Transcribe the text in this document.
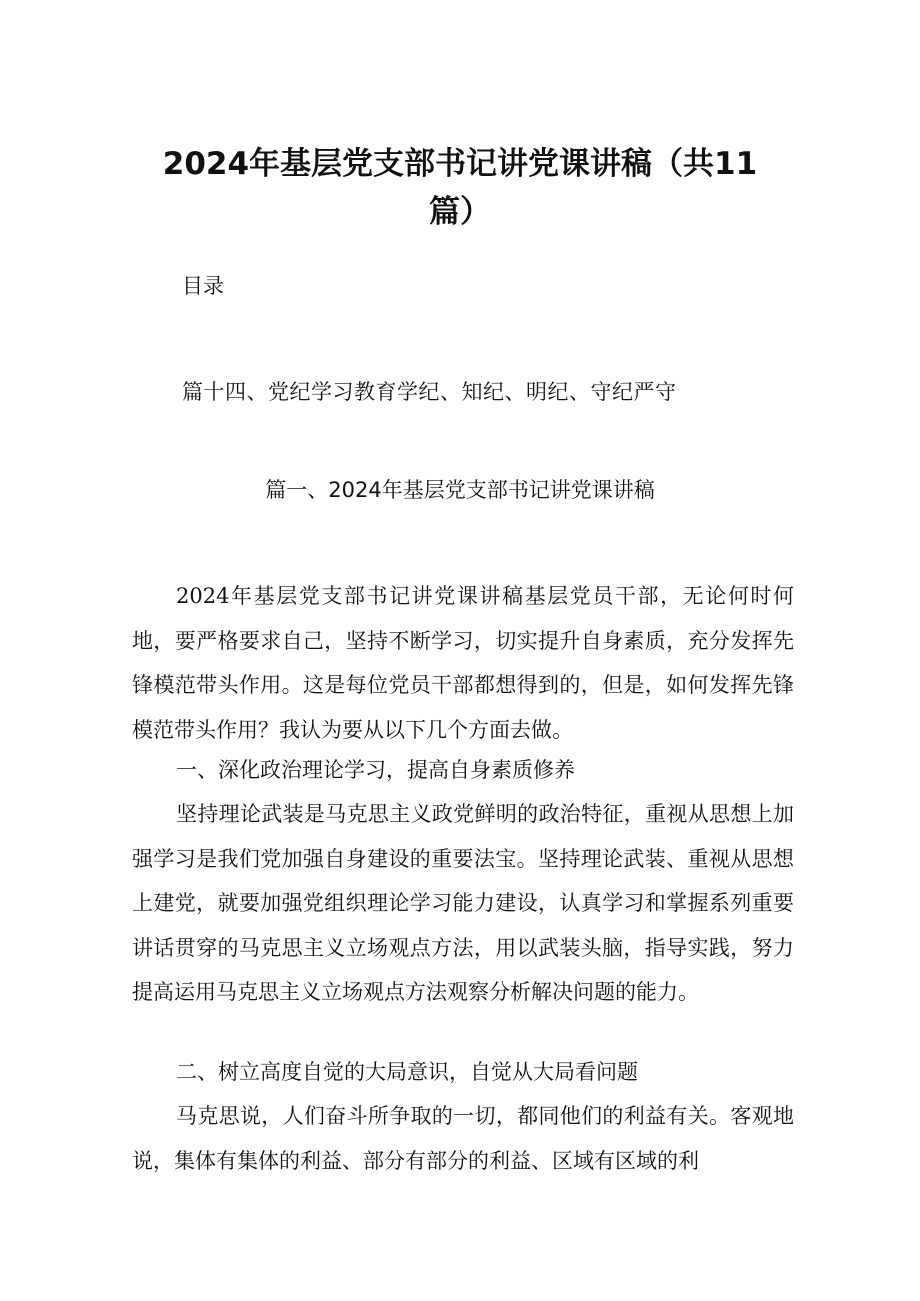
2024年基层党支部书记讲党课讲稿（共11篇）
目录
篇十四、党纪学习教育学纪、知纪、明纪、守纪严守
篇一、2024年基层党支部书记讲党课讲稿

2024年基层党支部书记讲党课讲稿基层党员干部，无论何时何地，要严格要求自己，坚持不断学习，切实提升自身素质，充分发挥先锋模范带头作用。这是每位党员干部都想得到的，但是，如何发挥先锋模范带头作用？我认为要从以下几个方面去做。

一、深化政治理论学习，提高自身素质修养

坚持理论武装是马克思主义政党鲜明的政治特征，重视从思想上加强学习是我们党加强自身建设的重要法宝。坚持理论武装、重视从思想上建党，就要加强党组织理论学习能力建设，认真学习和掌握系列重要讲话贯穿的马克思主义立场观点方法，用以武装头脑，指导实践，努力提高运用马克思主义立场观点方法观察分析解决问题的能力。

二、树立高度自觉的大局意识，自觉从大局看问题

马克思说，人们奋斗所争取的一切，都同他们的利益有关。客观地说，集体有集体的利益、部分有部分的利益、区域有区域的利
